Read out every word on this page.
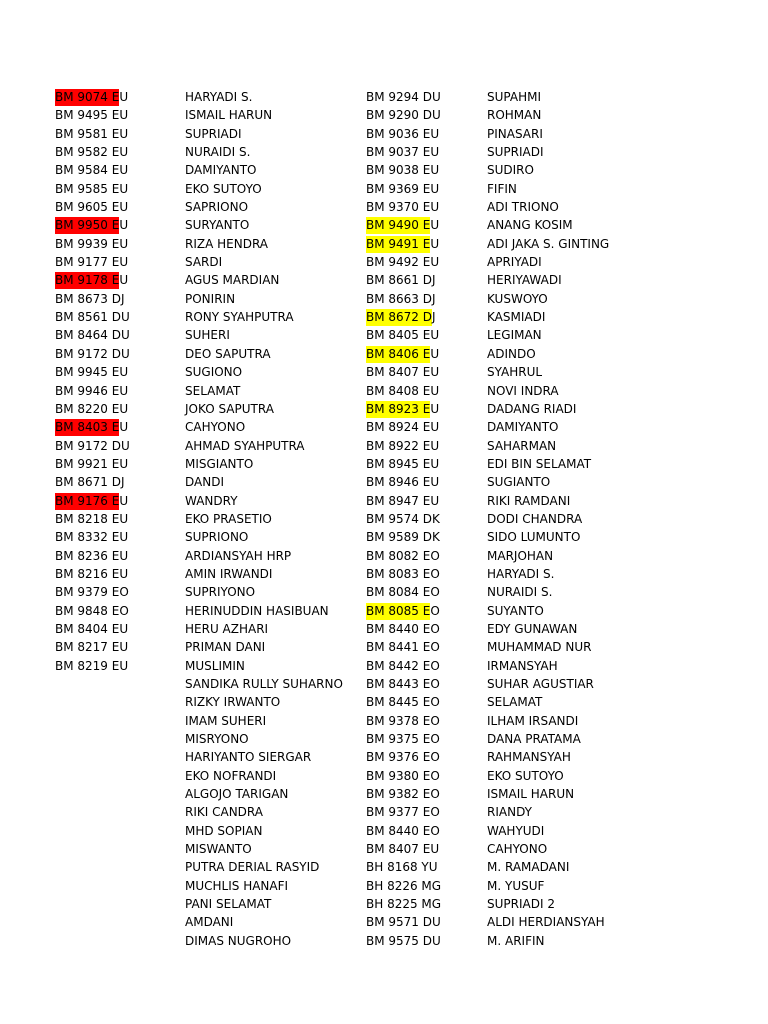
BM 9074 EU
BM 9495 EU
BM 9581 EU
BM 9582 EU
BM 9584 EU
BM 9585 EU
BM 9605 EU
BM 9950 EU
BM 9939 EU
BM 9177 EU
BM 9178 EU
BM 8673 DJ
BM 8561 DU
BM 8464 DU
BM 9172 DU
BM 9945 EU
BM 9946 EU
BM 8220 EU
BM 8403 EU
BM 9172 DU
BM 9921 EU
BM 8671 DJ
BM 9176 EU
BM 8218 EU
BM 8332 EU
BM 8236 EU
BM 8216 EU
BM 9379 EO
BM 9848 EO
BM 8404 EU
BM 8217 EU
BM 8219 EU
HARYADI S.
ISMAIL HARUN
SUPRIADI
NURAIDI S.
DAMIYANTO
EKO SUTOYO
SAPRIONO
SURYANTO
RIZA HENDRA
SARDI
AGUS MARDIAN
PONIRIN
RONY SYAHPUTRA
SUHERI
DEO SAPUTRA
SUGIONO
SELAMAT
JOKO SAPUTRA
CAHYONO
AHMAD SYAHPUTRA
MISGIANTO
DANDI
WANDRY
EKO PRASETIO
SUPRIONO
ARDIANSYAH HRP
AMIN IRWANDI
SUPRIYONO
HERINUDDIN HASIBUAN
HERU AZHARI
PRIMAN DANI
MUSLIMIN
SANDIKA RULLY SUHARNO
RIZKY IRWANTO
IMAM SUHERI
MISRYONO
HARIYANTO SIERGAR
EKO NOFRANDI
ALGOJO TARIGAN
RIKI CANDRA
MHD SOPIAN
MISWANTO
PUTRA DERIAL RASYID
MUCHLIS HANAFI
PANI SELAMAT
AMDANI
DIMAS NUGROHO
BM 9294 DU
BM 9290 DU
BM 9036 EU
BM 9037 EU
BM 9038 EU
BM 9369 EU
BM 9370 EU
BM 9490 EU
BM 9491 EU
BM 9492 EU
BM 8661 DJ
BM 8663 DJ
BM 8672 DJ
BM 8405 EU
BM 8406 EU
BM 8407 EU
BM 8408 EU
BM 8923 EU
BM 8924 EU
BM 8922 EU
BM 8945 EU
BM 8946 EU
BM 8947 EU
BM 9574 DK
BM 9589 DK
BM 8082 EO
BM 8083 EO
BM 8084 EO
BM 8085 EO
BM 8440 EO
BM 8441 EO
BM 8442 EO
BM 8443 EO
BM 8445 EO
BM 9378 EO
BM 9375 EO
BM 9376 EO
BM 9380 EO
BM 9382 EO
BM 9377 EO
BM 8440 EO
BM 8407 EU
BH 8168 YU
BH 8226 MG
BH 8225 MG
BM 9571 DU
BM 9575 DU
SUPAHMI
ROHMAN
PINASARI
SUPRIADI
SUDIRO
FIFIN
ADI TRIONO
ANANG KOSIM
ADI JAKA S. GINTING
APRIYADI
HERIYAWADI
KUSWOYO
KASMIADI
LEGIMAN
ADINDO
SYAHRUL
NOVI INDRA
DADANG RIADI
DAMIYANTO
SAHARMAN
EDI BIN SELAMAT
SUGIANTO
RIKI RAMDANI
DODI CHANDRA
SIDO LUMUNTO
MARJOHAN
HARYADI S.
NURAIDI S.
SUYANTO
EDY GUNAWAN
MUHAMMAD NUR
IRMANSYAH
SUHAR AGUSTIAR
SELAMAT
ILHAM IRSANDI
DANA PRATAMA
RAHMANSYAH
EKO SUTOYO
ISMAIL HARUN
RIANDY
WAHYUDI
CAHYONO
M. RAMADANI
M. YUSUF
SUPRIADI 2
ALDI HERDIANSYAH
M. ARIFIN
